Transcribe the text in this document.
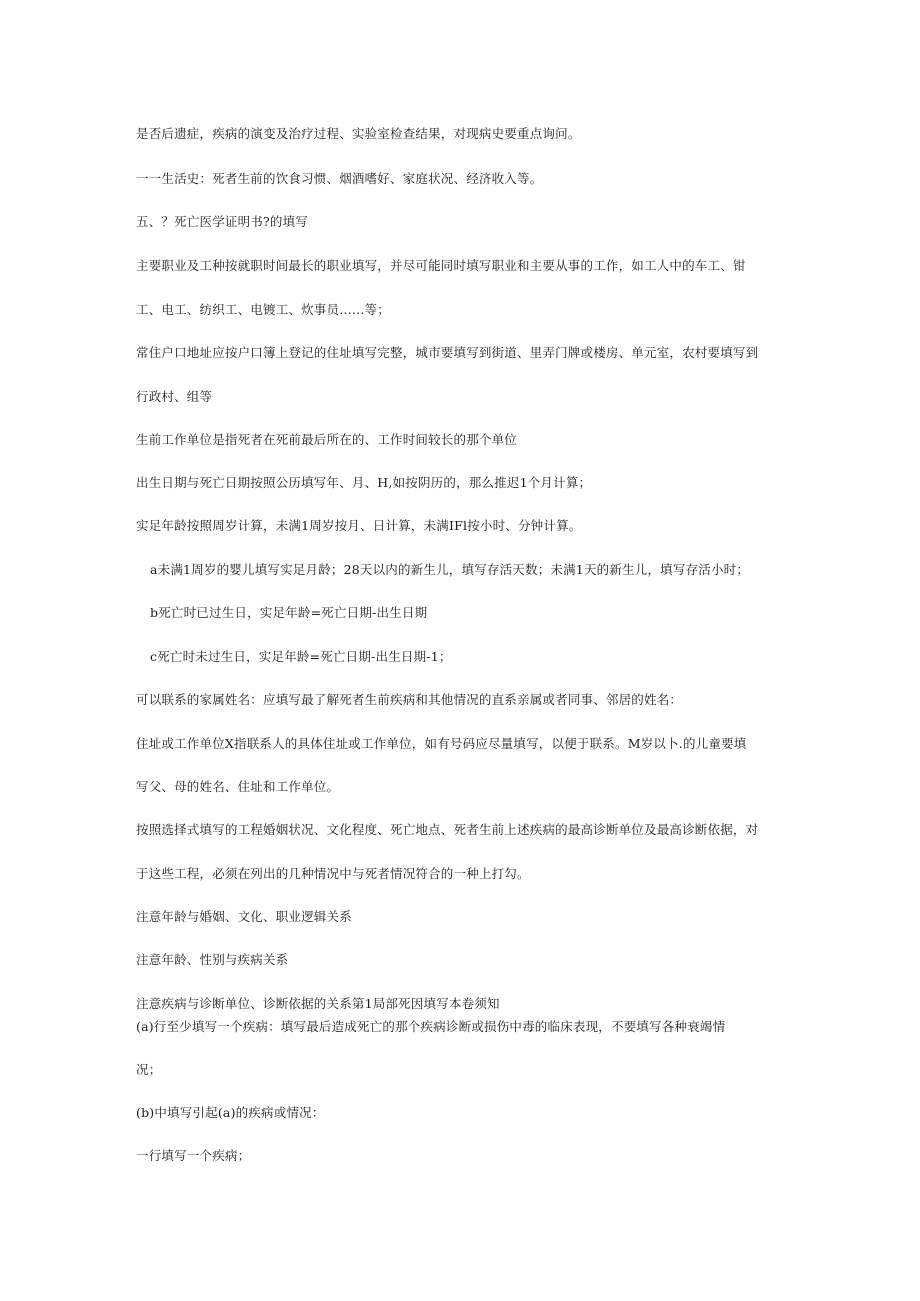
是否后遗症，疾病的演变及治疗过程、实验室检查结果，对现病史要重点询问。
一一生活史：死者生前的饮食习惯、烟酒嗜好、家庭状况、经济收入等。
五、？死亡医学证明书?的填写
主要职业及工种按就职时间最长的职业填写，并尽可能同时填写职业和主要从事的工作，如工人中的车工、钳
工、电工、纺织工、电镀工、炊事员……等；
常住户口地址应按户口簿上登记的住址填写完整，城市要填写到街道、里弄门牌或楼房、单元室，农村要填写到
行政村、组等
生前工作单位是指死者在死前最后所在的、工作时间较长的那个单位
出生日期与死亡日期按照公历填写年、月、H,如按阴历的，那么推迟1个月计算；
实足年龄按照周岁计算，未满1周岁按月、日计算，未满IFl按小时、分钟计算。
a未满1周岁的婴儿填写实足月龄；28天以内的新生儿，填写存活天数；未满1天的新生儿，填写存活小时；
b死亡时已过生日，实足年龄=死亡日期-出生日期
c死亡时未过生日，实足年龄=死亡日期-出生日期-1；
可以联系的家属姓名：应填写最了解死者生前疾病和其他情况的直系亲属或者同事、邻居的姓名：
住址或工作单位X指联系人的具体住址或工作单位，如有号码应尽量填写，以便于联系。M岁以卜.的儿童要填
写父、母的姓名、住址和工作单位。
按照选择式填写的工程婚姻状况、文化程度、死亡地点、死者生前上述疾病的最高诊断单位及最高诊断依据，对
于这些工程，必须在列出的几种情况中与死者情况符合的一种上打勾。
注意年龄与婚姻、文化、职业逻辑关系
注意年龄、性别与疾病关系
注意疾病与诊断单位、诊断依据的关系第1局部死因填写本卷须知
(a)行至少填写一个疾病：填写最后造成死亡的那个疾病诊断或损伤中毒的临床表现，不要填写各种衰竭情
况；
(b)中填写引起(a)的疾病或情况：
一行填写一个疾病；
